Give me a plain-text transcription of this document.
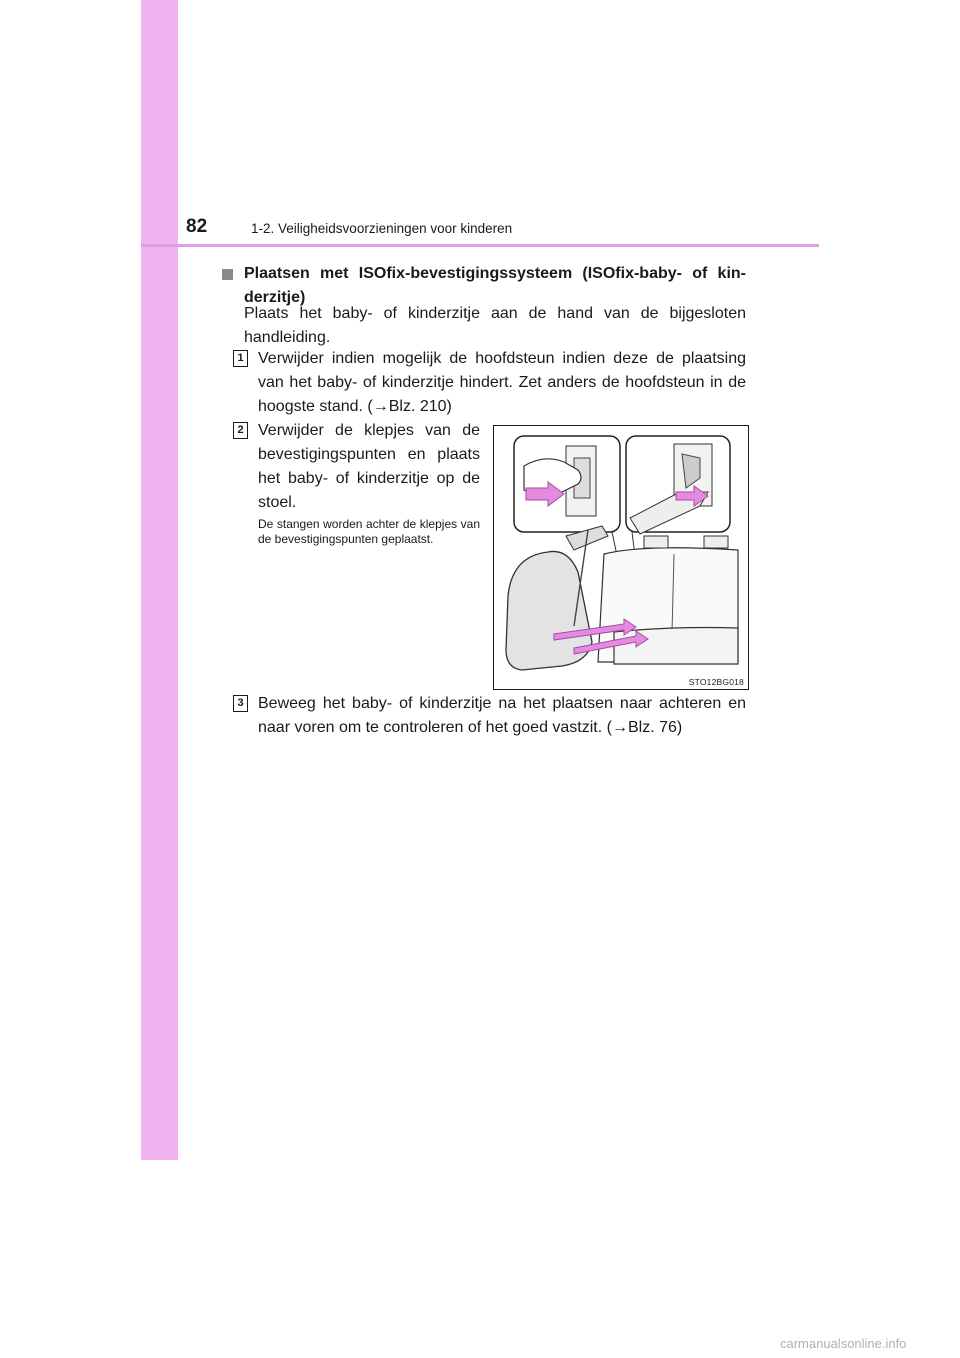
82	1-2. Veiligheidsvoorzieningen voor kinderen
Plaatsen met ISOfix-bevestigingssysteem (ISOfix-baby- of kinderzitje)
Plaats het baby- of kinderzitje aan de hand van de bijgesloten handleiding.
1 Verwijder indien mogelijk de hoofdsteun indien deze de plaatsing van het baby- of kinderzitje hindert. Zet anders de hoofdsteun in de hoogste stand. (→Blz. 210)
2 Verwijder de klepjes van de bevestigingspunten en plaats het baby- of kinderzitje op de stoel.
De stangen worden achter de klepjes van de bevestigingspunten geplaatst.
STO12BG018
3 Beweeg het baby- of kinderzitje na het plaatsen naar achteren en naar voren om te controleren of het goed vastzit. (→Blz. 76)
carmanualsonline.info
